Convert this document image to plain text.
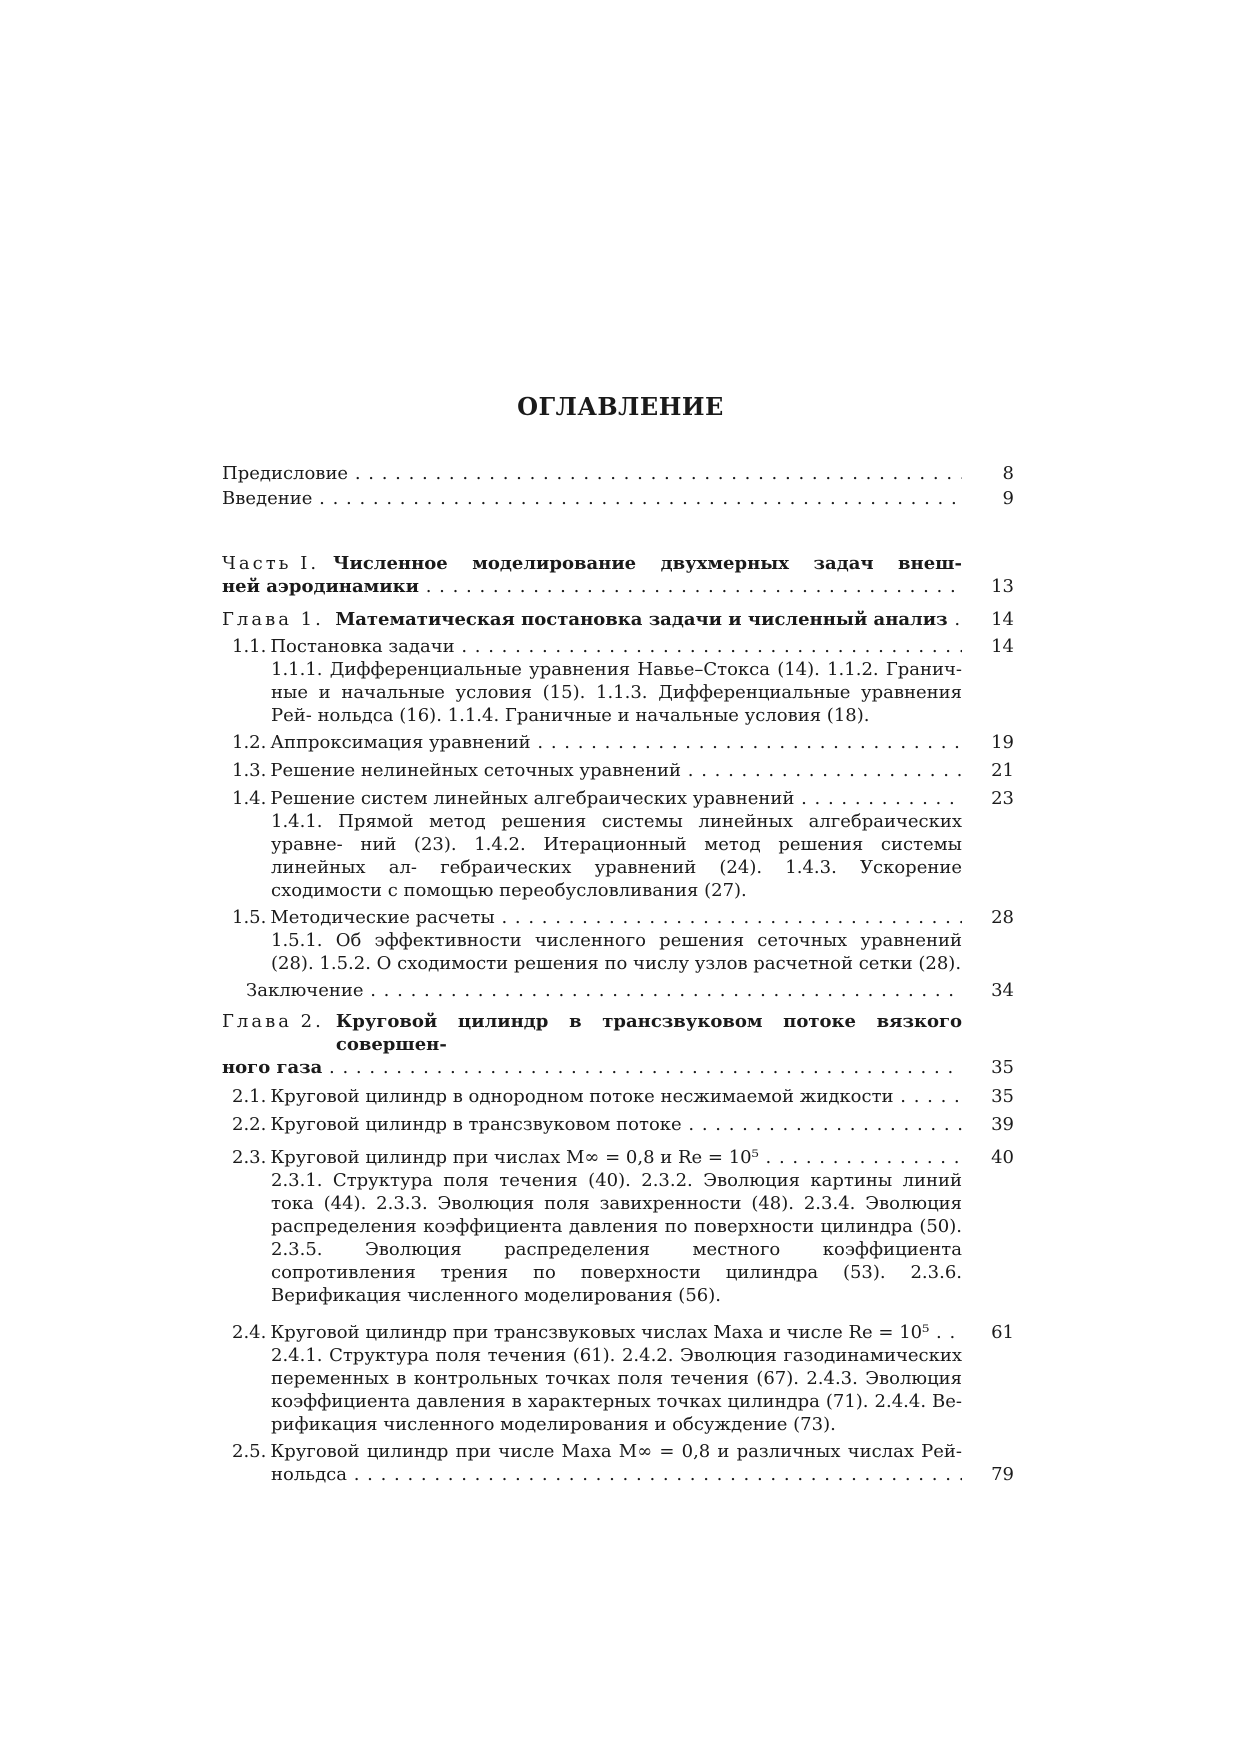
ОГЛАВЛЕНИЕ
Предисловие . . .	8
Введение . . .	9
Часть I. Численное моделирование двухмерных задач внеш-
ней аэродинамики . . .	13
Глава 1. Математическая постановка задачи и численный анализ . . .	14
1.1. Постановка задачи . . .	14
1.1.1. Дифференциальные уравнения Навье–Стокса (14). 1.1.2. Гранич- ные и начальные условия (15). 1.1.3. Дифференциальные уравнения Рей- нольдса (16). 1.1.4. Граничные и начальные условия (18).
1.2. Аппроксимация уравнений . . .	19
1.3. Решение нелинейных сеточных уравнений . . .	21
1.4. Решение систем линейных алгебраических уравнений . . .	23
1.4.1. Прямой метод решения системы линейных алгебраических уравне- ний (23). 1.4.2. Итерационный метод решения системы линейных ал- гебраических уравнений (24). 1.4.3. Ускорение сходимости с помощью переобусловливания (27).
1.5. Методические расчеты . . .	28
1.5.1. Об эффективности численного решения сеточных уравнений (28). 1.5.2. О сходимости решения по числу узлов расчетной сетки (28).
Заключение . . .	34
Глава 2. Круговой цилиндр в трансзвуковом потоке вязкого совершен-
ного газа . . .	35
2.1. Круговой цилиндр в однородном потоке несжимаемой жидкости . . .	35
2.2. Круговой цилиндр в трансзвуковом потоке . . .	39
2.3. Круговой цилиндр при числах M∞ = 0,8 и Re = 10⁵ . . .	40
2.3.1. Структура поля течения (40). 2.3.2. Эволюция картины линий тока (44). 2.3.3. Эволюция поля завихренности (48). 2.3.4. Эволюция распределения коэффициента давления по поверхности цилиндра (50). 2.3.5. Эволюция распределения местного коэффициента сопротивления трения по поверхности цилиндра (53). 2.3.6. Верификация численного моделирования (56).
2.4. Круговой цилиндр при трансзвуковых числах Маха и числе Re = 10⁵ . . .	61
2.4.1. Структура поля течения (61). 2.4.2. Эволюция газодинамических переменных в контрольных точках поля течения (67). 2.4.3. Эволюция коэффициента давления в характерных точках цилиндра (71). 2.4.4. Ве- рификация численного моделирования и обсуждение (73).
2.5. Круговой цилиндр при числе Маха M∞ = 0,8 и различных числах Рей-
нольдса . . .	79
